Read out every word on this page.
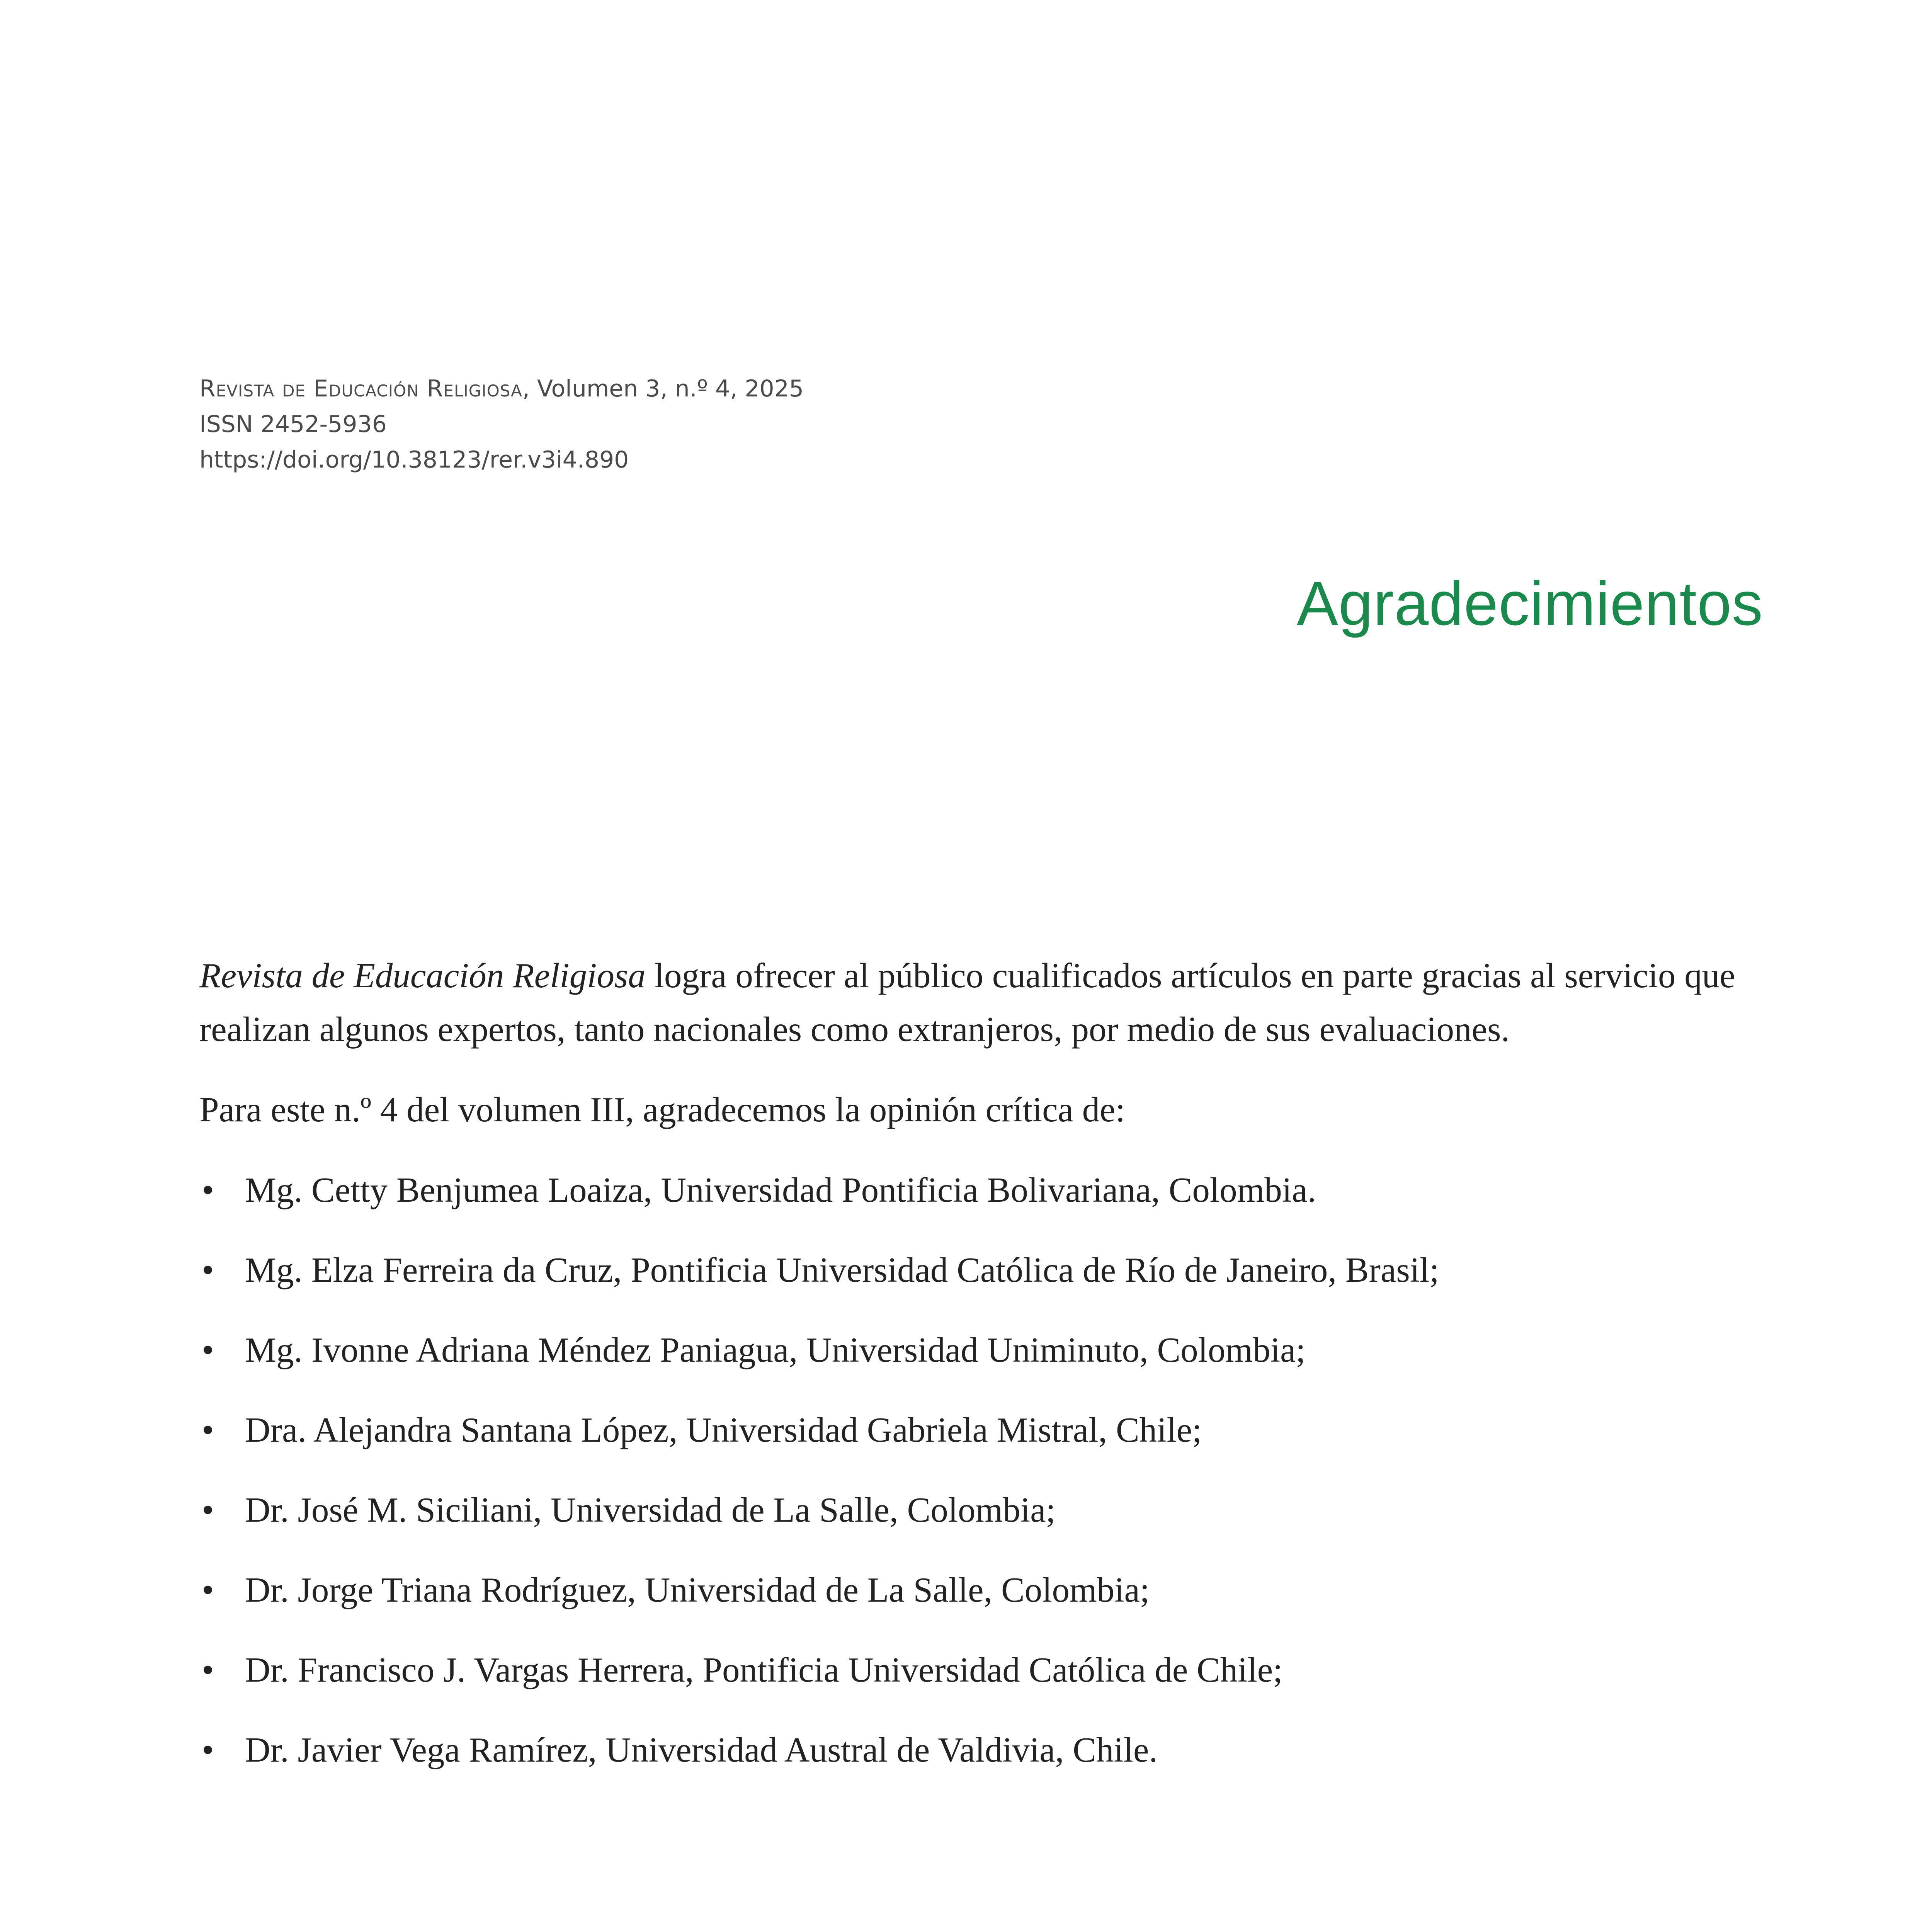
Revista de Educación Religiosa, Volumen 3, n.º 4, 2025
ISSN 2452-5936
https://doi.org/10.38123/rer.v3i4.890
Agradecimientos

Revista de Educación Religiosa logra ofrecer al público cualificados artículos en parte gracias al servicio que realizan algunos expertos, tanto nacionales como extranjeros, por medio de sus evaluaciones.

Para este n.º 4 del volumen III, agradecemos la opinión crítica de:

• Mg. Cetty Benjumea Loaiza, Universidad Pontificia Bolivariana, Colombia.
• Mg. Elza Ferreira da Cruz, Pontificia Universidad Católica de Río de Janeiro, Brasil;
• Mg. Ivonne Adriana Méndez Paniagua, Universidad Uniminuto, Colombia;
• Dra. Alejandra Santana López, Universidad Gabriela Mistral, Chile;
• Dr. José M. Siciliani, Universidad de La Salle, Colombia;
• Dr. Jorge Triana Rodríguez, Universidad de La Salle, Colombia;
• Dr. Francisco J. Vargas Herrera, Pontificia Universidad Católica de Chile;
• Dr. Javier Vega Ramírez, Universidad Austral de Valdivia, Chile.
